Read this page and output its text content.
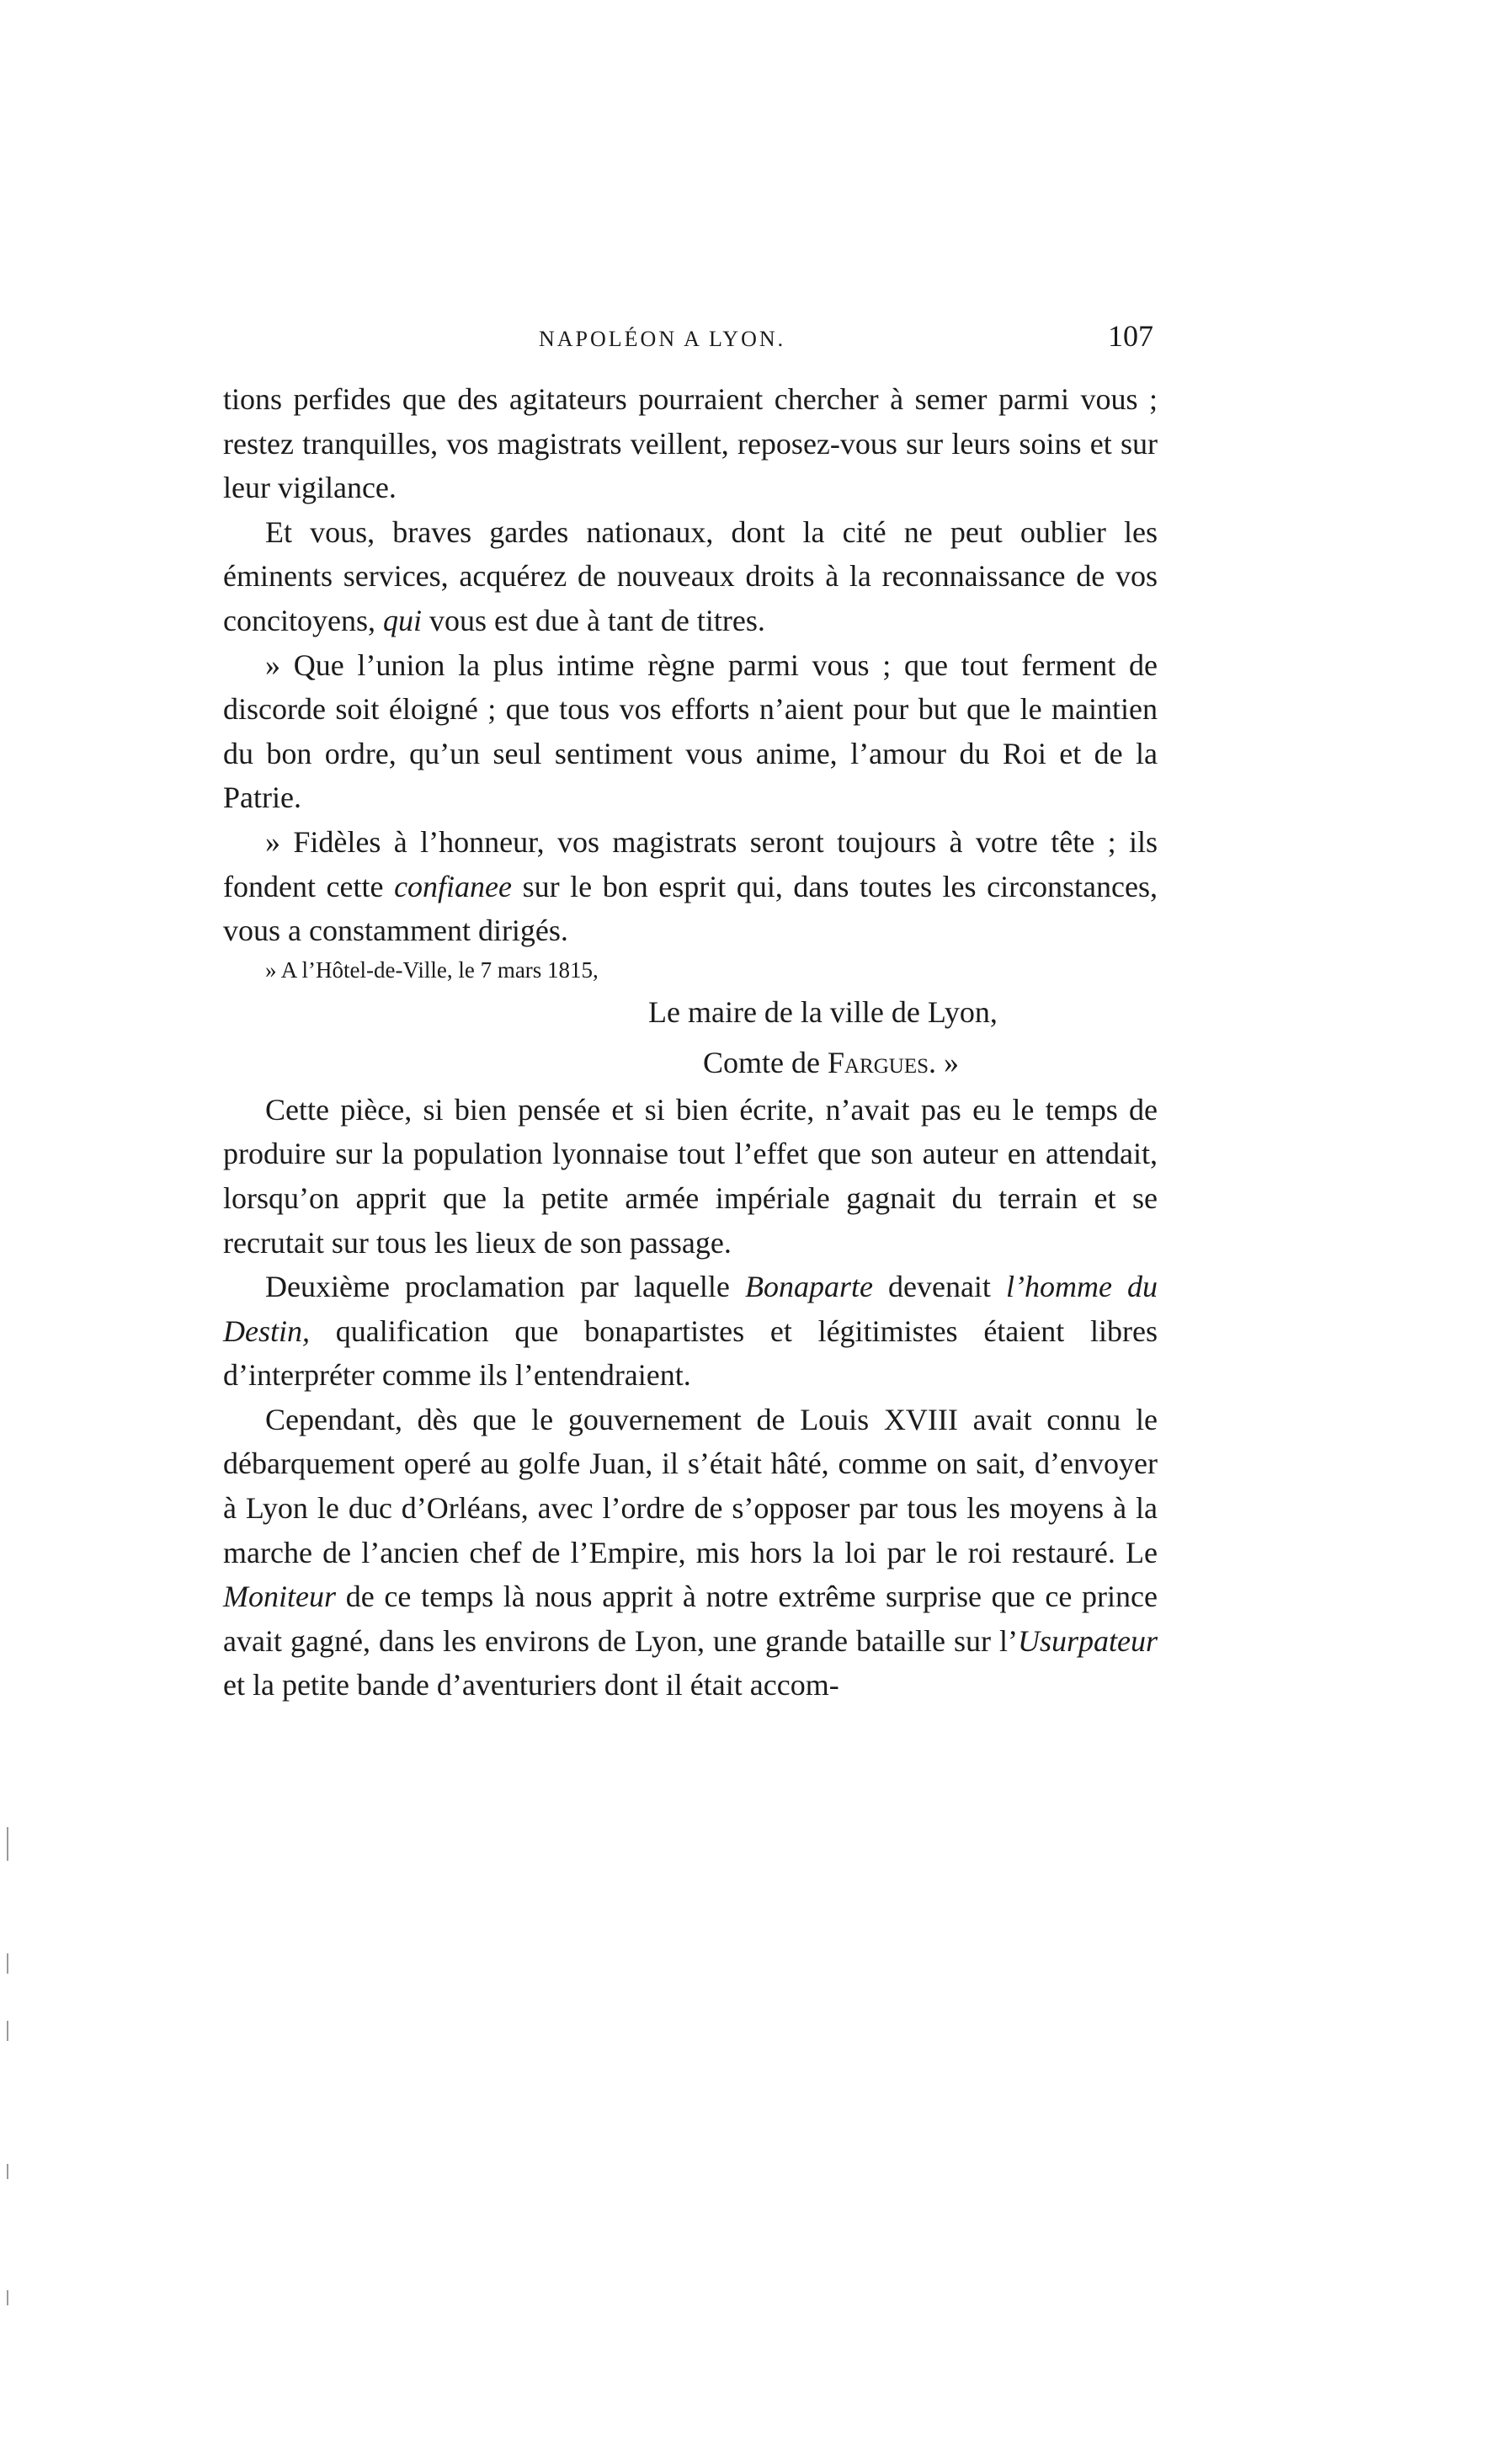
NAPOLÉON A LYON.	107

tions perfides que des agitateurs pourraient chercher à semer parmi vous ; restez tranquilles, vos magistrats veillent, reposez-vous sur leurs soins et sur leur vigilance.

Et vous, braves gardes nationaux, dont la cité ne peut oublier les éminents services, acquérez de nouveaux droits à la reconnaissance de vos concitoyens, qui vous est due à tant de titres.

» Que l’union la plus intime règne parmi vous ; que tout ferment de discorde soit éloigné ; que tous vos efforts n’aient pour but que le maintien du bon ordre, qu’un seul sentiment vous anime, l’amour du Roi et de la Patrie.

» Fidèles à l’honneur, vos magistrats seront toujours à votre tête ; ils fondent cette confianee sur le bon esprit qui, dans toutes les circonstances, vous a constamment dirigés.

» A l’Hôtel-de-Ville, le 7 mars 1815,

Le maire de la ville de Lyon,

Comte de Fargues. »

Cette pièce, si bien pensée et si bien écrite, n’avait pas eu le temps de produire sur la population lyonnaise tout l’effet que son auteur en attendait, lorsqu’on apprit que la petite armée impériale gagnait du terrain et se recrutait sur tous les lieux de son passage.

Deuxième proclamation par laquelle Bonaparte devenait l’homme du Destin, qualification que bonapartistes et légitimistes étaient libres d’interpréter comme ils l’entendraient.

Cependant, dès que le gouvernement de Louis XVIII avait connu le débarquement operé au golfe Juan, il s’était hâté, comme on sait, d’envoyer à Lyon le duc d’Orléans, avec l’ordre de s’opposer par tous les moyens à la marche de l’ancien chef de l’Empire, mis hors la loi par le roi restauré. Le Moniteur de ce temps là nous apprit à notre extrême surprise que ce prince avait gagné, dans les environs de Lyon, une grande bataille sur l’Usurpateur et la petite bande d’aventuriers dont il était accom-
